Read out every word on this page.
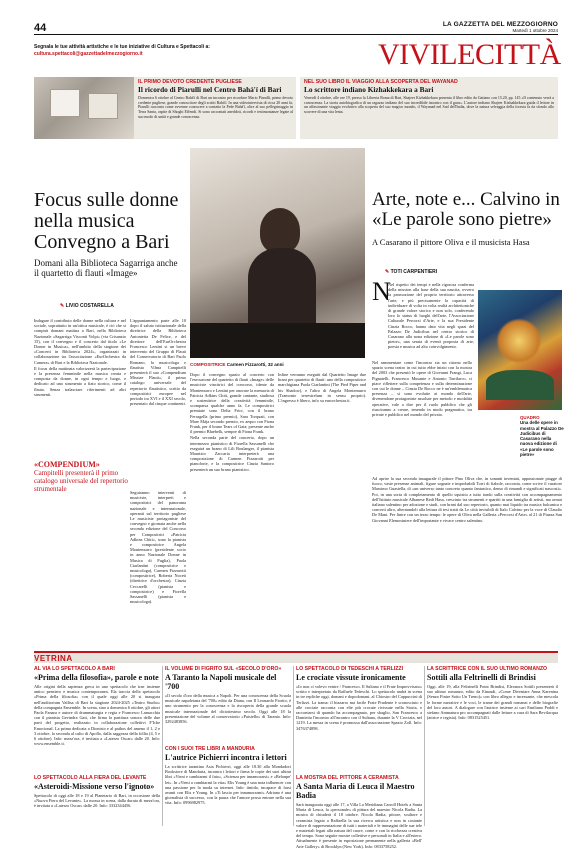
44	LA GAZZETTA DEL MEZZOGIORNO
Martedì 1 ottobre 2024
Segnala le tue attività artistiche e le tue iniziative di Cultura e Spettacoli a:
cultura.spettacoli@gazzettadelmezzogiorno.it	VIVILECITTÀ
IL PRIMO DEVOTO CREDENTE PUGLIESE
Il ricordo di Piarulli nel Centro Bahá'í di Bari
Domenica 6 ottobre al Centro Bahá'í di Bari un incontro per ricordare Mario Piarulli, primo devoto credente pugliese, grande conoscitore degli scritti Bahá'í. In una videointervista di circa 20 anni fa, Piarulli racconta come avvenne conoscere a contatto la Fede Bahá'í, oltre al suo pellegrinaggio in Terra Santa, ospite di Shoghi Effendi. Si sono raccontati aneddoti, ricordi e testimonianze legate al suo modo di unità e grande conoscenza.
NEL SUO LIBRO IL VIAGGIO ALLA SCOPERTA DEL WAYANAD
Lo scrittore indiano Kizhakkekara a Bari
Venerdì 4 ottobre, alle ore 19, presso la Libreria Roma di Bari, Shajeer Kizhakkekara presenta il libro edito da Gaiiano con 15.20, pp. 145 «Il contenuto verrà a conoscenza. La storia autobiografica di un ragazzo indiano del suo incredibile incontro con il guru». L'autore indiano Shajeer Kizhakkekara guida il lettore in un affascinante viaggio evolutivo alla scoperta del suo magico mondo, il Wayanad nel Sud dell'India, dove la natura selvaggia della foresta fa da sfondo allo scorrere di una vita lenta.
Focus sulle donne nella musica Convegno a Bari
Domani alla Biblioteca Sagarriga anche il quartetto di flauti «Image»
✎ LIVIO COSTARELLA
COMPOSITRICE Carmen Fizzarotti, 32 anni

Indagare il contributo delle donne nella cultura e nel sociale, soprattutto in un'ottica musicale, è ciò che si compirà domani mattina a Bari, nella Biblioteca Nazionale «Sagarriga Visconti Volpi» (via Crisanzio 15), con il convegno e il concerto dal titolo «Le Donne in Musica», nell'ambito della stagione dei «Concerti in Biblioteca 2024», organizzati in collaborazione tra l'associazione «EurOrchestra da Camera» di Bari e la Biblioteca Nazionale.

Il focus della mattinata valorizzerà la partecipazione e la presenza femminile nella musica creata e composta da donne, in ogni tempo e luogo, e dedicato ad uno strumento a fiato storico, come il flauto. Senza tralasciare riferimenti ad altri strumenti.

L'appuntamento parte alle 10 dopo il saluto istituzionale della direttrice della Biblioteca Antonietta De Felice, e del direttore dell'EurOrchestra Francesco Lentini si un breve intervento del Gruppo di Flauti del Conservatorio di Bari Paolo Romano, la musicologa e flautista Vilma Campitelli presenterà il suo «Compendium Missiae Flauti», il primo catalogo universale del repertorio flautistico, scritto da compositrici europee nel periodo tra XVI e il XXI secolo, presentato dal cinque continenti.

«COMPENDIUM»
Campitelli presenterà il primo catalogo universale del repertorio strumentale	Seguiranno interventi di musiciste, interpreti e compositrici del panorama nazionale e internazionale, operanti sul territorio pugliese Le musiciste protagoniste del convegno e giornata anche nella seconda edizione del Concorso per Compositrici «Patricia Adkins Chiti», sono la pianista e compositrice Angela Montemurro (presidente socio in anno Nazionale Donne in Musica di Puglia), Paola Ciarlantini (compositrice e musicologa), Carmen Fizzarotti (compositrice), Roberta Noceti (direttrice d'orchestra), Cinzia Ceccarelli (pianista e compositrice) e Fiorella Sassanelli (pianista e musicologa).

Dopo il convegno spazio al concerto con l'esecuzione del quartetto di flauti «Image» delle musiciste vincitrici del concorso, idente da Montemurro e Lentini per onorare la memoria di Patricia Adkins Chiti, grande cantante, studiosa e sostenitrice della creatività femminile, scomparsa qualche anno fa. Le compositrici premiate sono Delia Fricr, con il brano Ferragella (primo premio), Sara Torquati, con Mare Mája secondo premio, ex aequo con Fiona Frank, per il brano Tears of Gaia; presente anche il premio Bluebelk, sempre di Fiona Frank.

Nella seconda parte del concerto, dopo un intermezzo pianistico di Fiorella Sassanelli che eseguirà un brano di Lili Boulanger, il pianista Maurizio Zaccaria interpreterà una composizione di Carmen Fizzarotti per pianoforte, e la compositrice Cinzia Santoro presenterà un suo brano pianistico.

Infine verranno eseguiti dal Quartetto Image due brani per quartetto di flauti: uno della compositrice marchigiana Paola Ciarlantini (The Pied Piper and his Shadow), e l'altro di Angela Montemurro (Tramonto terrestrelum in sensu proprio). L'ingresso è libero, info su eurorchestra.it.

Arte, note e... Calvino in «Le parole sono pietre»
A Casarano il pittore Oliva e il musicista Hasa
✎ TOTI CARPENTIERI
N

Nel rispetto dei tempi e nella rigorosa conferma della mission alla base della sua nascita, ovvero la promozione del proprio territorio attraverso l'arte, e più precisamente la capacità di individuare di volta in volta realtà architettoniche di grande valore storico e non solo, conferendo loro lo status di luoghi dell'arte, l'Associazione Culturale Percorsi d'Arte, e la sua Presidente Cinzia Rocco, hanno dato vita negli spazi del Palazzo De Judicibus nel centro storico di Casarano alla nona edizione di «Le parole sono pietre», una serata di eventi proposta di arte, poesia e musica ad alto coinvolgimento.

Nel rammentare come l'incontro sia un ritorno nello spazio scena teatro in cui tutto ebbe inizio con la mostra del 2003 che presentò le opere di Giovanni Frangi, Luca Pignatelli, Francesco Musante e Antonio Tarrilarco, ci piace riflettere sulla competenza e sulla determinazione con cui le donne – Cinzia De Rocco ne è un'emblematica presenza – si sono evoluite ai mondo dell'arte, divenendone protagoniste assolute per metodo e modalità operative, vale a dire per il ruolo pubblico che gli riusciranno a creare, tenendo in modo pragmatico, tra private e pubblico nel mondo del privato.

Ad aprire la sua seconda inaugurale il pittore Pino Oliva che, in sonanti inventati, appassionate piagge di fuoco, vaste presenze animali, figure sognate e improbabili Torri di fiabole, racconta, come scrive il curatore Massimo Guastella, di «un universo tanto concreto quanto fantastico, denso di rimandi e significati nascosti». Poi, in una sorta di completamento di quello squisito a tutto tondo sulla creatività con accompagnamento dell'Istituto musicale Albanese Redi Hasa, cresciuto tra strumenti e spartiti in una famiglia di artisti, ma ormai italiano salentino per adozione e studi, con brani dal suo repertorio, quanto mai liquido tra musica balcanica e concerti altro, alternandoli alla lettura di tesi tratti da Le città invisibili di Italo Calvino per la voce di Claudio De Mani. Per finire con un terzo tempo: le opere di Oliva nella Galleria «Percorsi d'Arte» al 21 di Piazza San Giovanni Elemosiniere dell'importante e vivace centro salentino.

QUADRO
Una delle opere in mostra al Palazzo De Judicibus di Casarano nella nuova edizione di «Le parole sono pietre»
VETRINA
AL VIA LO SPETTACOLO A BARI
«Prima della filosofia», parole e note
Alle origini della sapienza greca in uno spettacolo che trae insieme antico pensiero e musica contemporanea. Ela traccia della spettacolo «Prima della filosofia» con il quale oggi alle 20 si inaugura nell'auditorium Vallisa di Bari la stagione 2024-2025 «Teatro Studio» della compagnia Ensemble. In scena, sino a domenica 6 ottobre, gli attori Paola Fanara e autore di drammaturgia e regia e Francesco Lamacchia con il pianista Gevindra Gatt, che firma la partitura sonora delle due parti del progetto, realizzato in collaborazione collettivi F'Iche Emocional. La prima dedicata a Dionisio e al pathos del ameno il 1, 2 e 3 ottobre, la seconda al culto di Apollo, dalla saggezza della follia (4, 5 e 6 ottobre). Info: mezz'ora, è invitata a «Laterzo Oscar» dalle 20. Info: www.ensemble.it.
LO SPETTACOLO ALLA FIERA DEL LEVANTE
«Asteroidi-Missione verso l'ignoto»
Spettacolo di oggi alle 18 e 19 al Planetario di Bari, in occasione della «Nuova Fiera del Levante». La mossa in scena, dalla durata di mezz'ora, è invitata a «Laterzo Oscar» dalle 20. Info: 3332344456.
IL VOLUME DI FIGRITO SUL «SECOLO D'ORO»
A Taranto la Napoli musicale del '700
«Il secolo d'oro della musica a Napoli. Per una conoscenza della Scuola musicale napoletana del '700» edito da Diana, con Il Leonardo Fiorito, è uno strumento per la conoscenza e la riscoperta della grande scuola musicale internazionale del diciottesimo secolo. Oggi alle 18 la presentazione del volume al conservatorio «Paisiello» di Taranto. Info: 3292483856.
CON I SUOI TRE LIBRI A MANDURIA
L'autrice Pichierri incontra i lettori
La scrittrice tarantina Asia Pichierri, oggi alle 18.30 alla Mondadori Bookstore di Manduria, incontra i lettori e firma le copie dei suoi ultimi libri «Vieni e cambiarmi il fato», «Scienza per innamorarsi» e «Belonpe' lei». In «Vieni a cambiarmi la vita» Elis Young è una nota influencer con una passione per la moda su internet. Info: timido, incapace di farsi avanti con Elis e Young. In «Ti lascio per innamorarmi» Adriano è una giornalista di successo, con la paura che l'amore possa entrare nella sua vita. Info: 0996982975.
LO SPETTACOLO DI TEDESCHI A TERLIZZI
Le crociate vissute ironicamente
«Io non ci volevo venire / Francesco. Il Sultano e il Frate Improvvisato» scritto e interpretato da Raffaele Tedeschi. Lo spettacolo andrà in scena in tre repliche oggi, domani e dopodomani, al Chiostro del Cappuccini di Terlizzi. La trama: il bizzarro ma facile Frate Prudente è sconosciuto e alle crociate racconta con elie più crocate rivissute nella Storia, e raccontarsi di quando ha accompagnato, per sbaglio, San Francesco a Damietta l'incontro all'incontro con il Sultano, durante la V Crociata, nel 1219. La messa in scena è promossa dall'associazione Spazio Zoll. Info: 3476374898.
LA MOSTRA DEL PITTORE A CERAMISTA
A Santa Maria di Leuca il Maestro Badia
Sarà inaugurata oggi alle 17, a Villa La Meridiana Carroll Hotels a Santa Maria di Leuca, la «personale» di pittura del maestro Nicola Badia. La mostra di chiuderà il 18 ottobre. Nicola Badia, pittore, scultore e ceramista legato a Raffaella la sua ricerca artistica e non in costante valore di rappresentazione di tutti i materiali e le immagini delle sue tele e materiali legati alla natura del cuore, come e con la ricchezza creativa del tempo. Sono seguite mostre collettive e personali in Italia e all'estero. Attualmente è presente in esposizione permanente nella galleria «Bell' Arte Gallery» di Brooklyn (New York). Info: 0833758252.
LA SCRITTRICE CON IL SUO ULTIMO ROMANZO
Sottili alla Feltrinelli di Brindisi
Oggi, alle 19, alla Feltrinelli Point Brindisi, Eleonora Sottili presenterà il suo ultimo romanzo, edito da Einaudi, «Come Diventare Anna Karenina (Senza Finire Sotto Un Treno)» con libro allegro e incessante, che mescola le forme narrative e le voci, le trame dei grandi romanzi e delle biografie del loro autori. A dialogare con l'autrice insieme ai cari Emiliano Poddi e stefano Ammatura pro accompagnati dalle letture a cura di Sara Bevilacqua (attrice e regista). Info: 0831525451.
